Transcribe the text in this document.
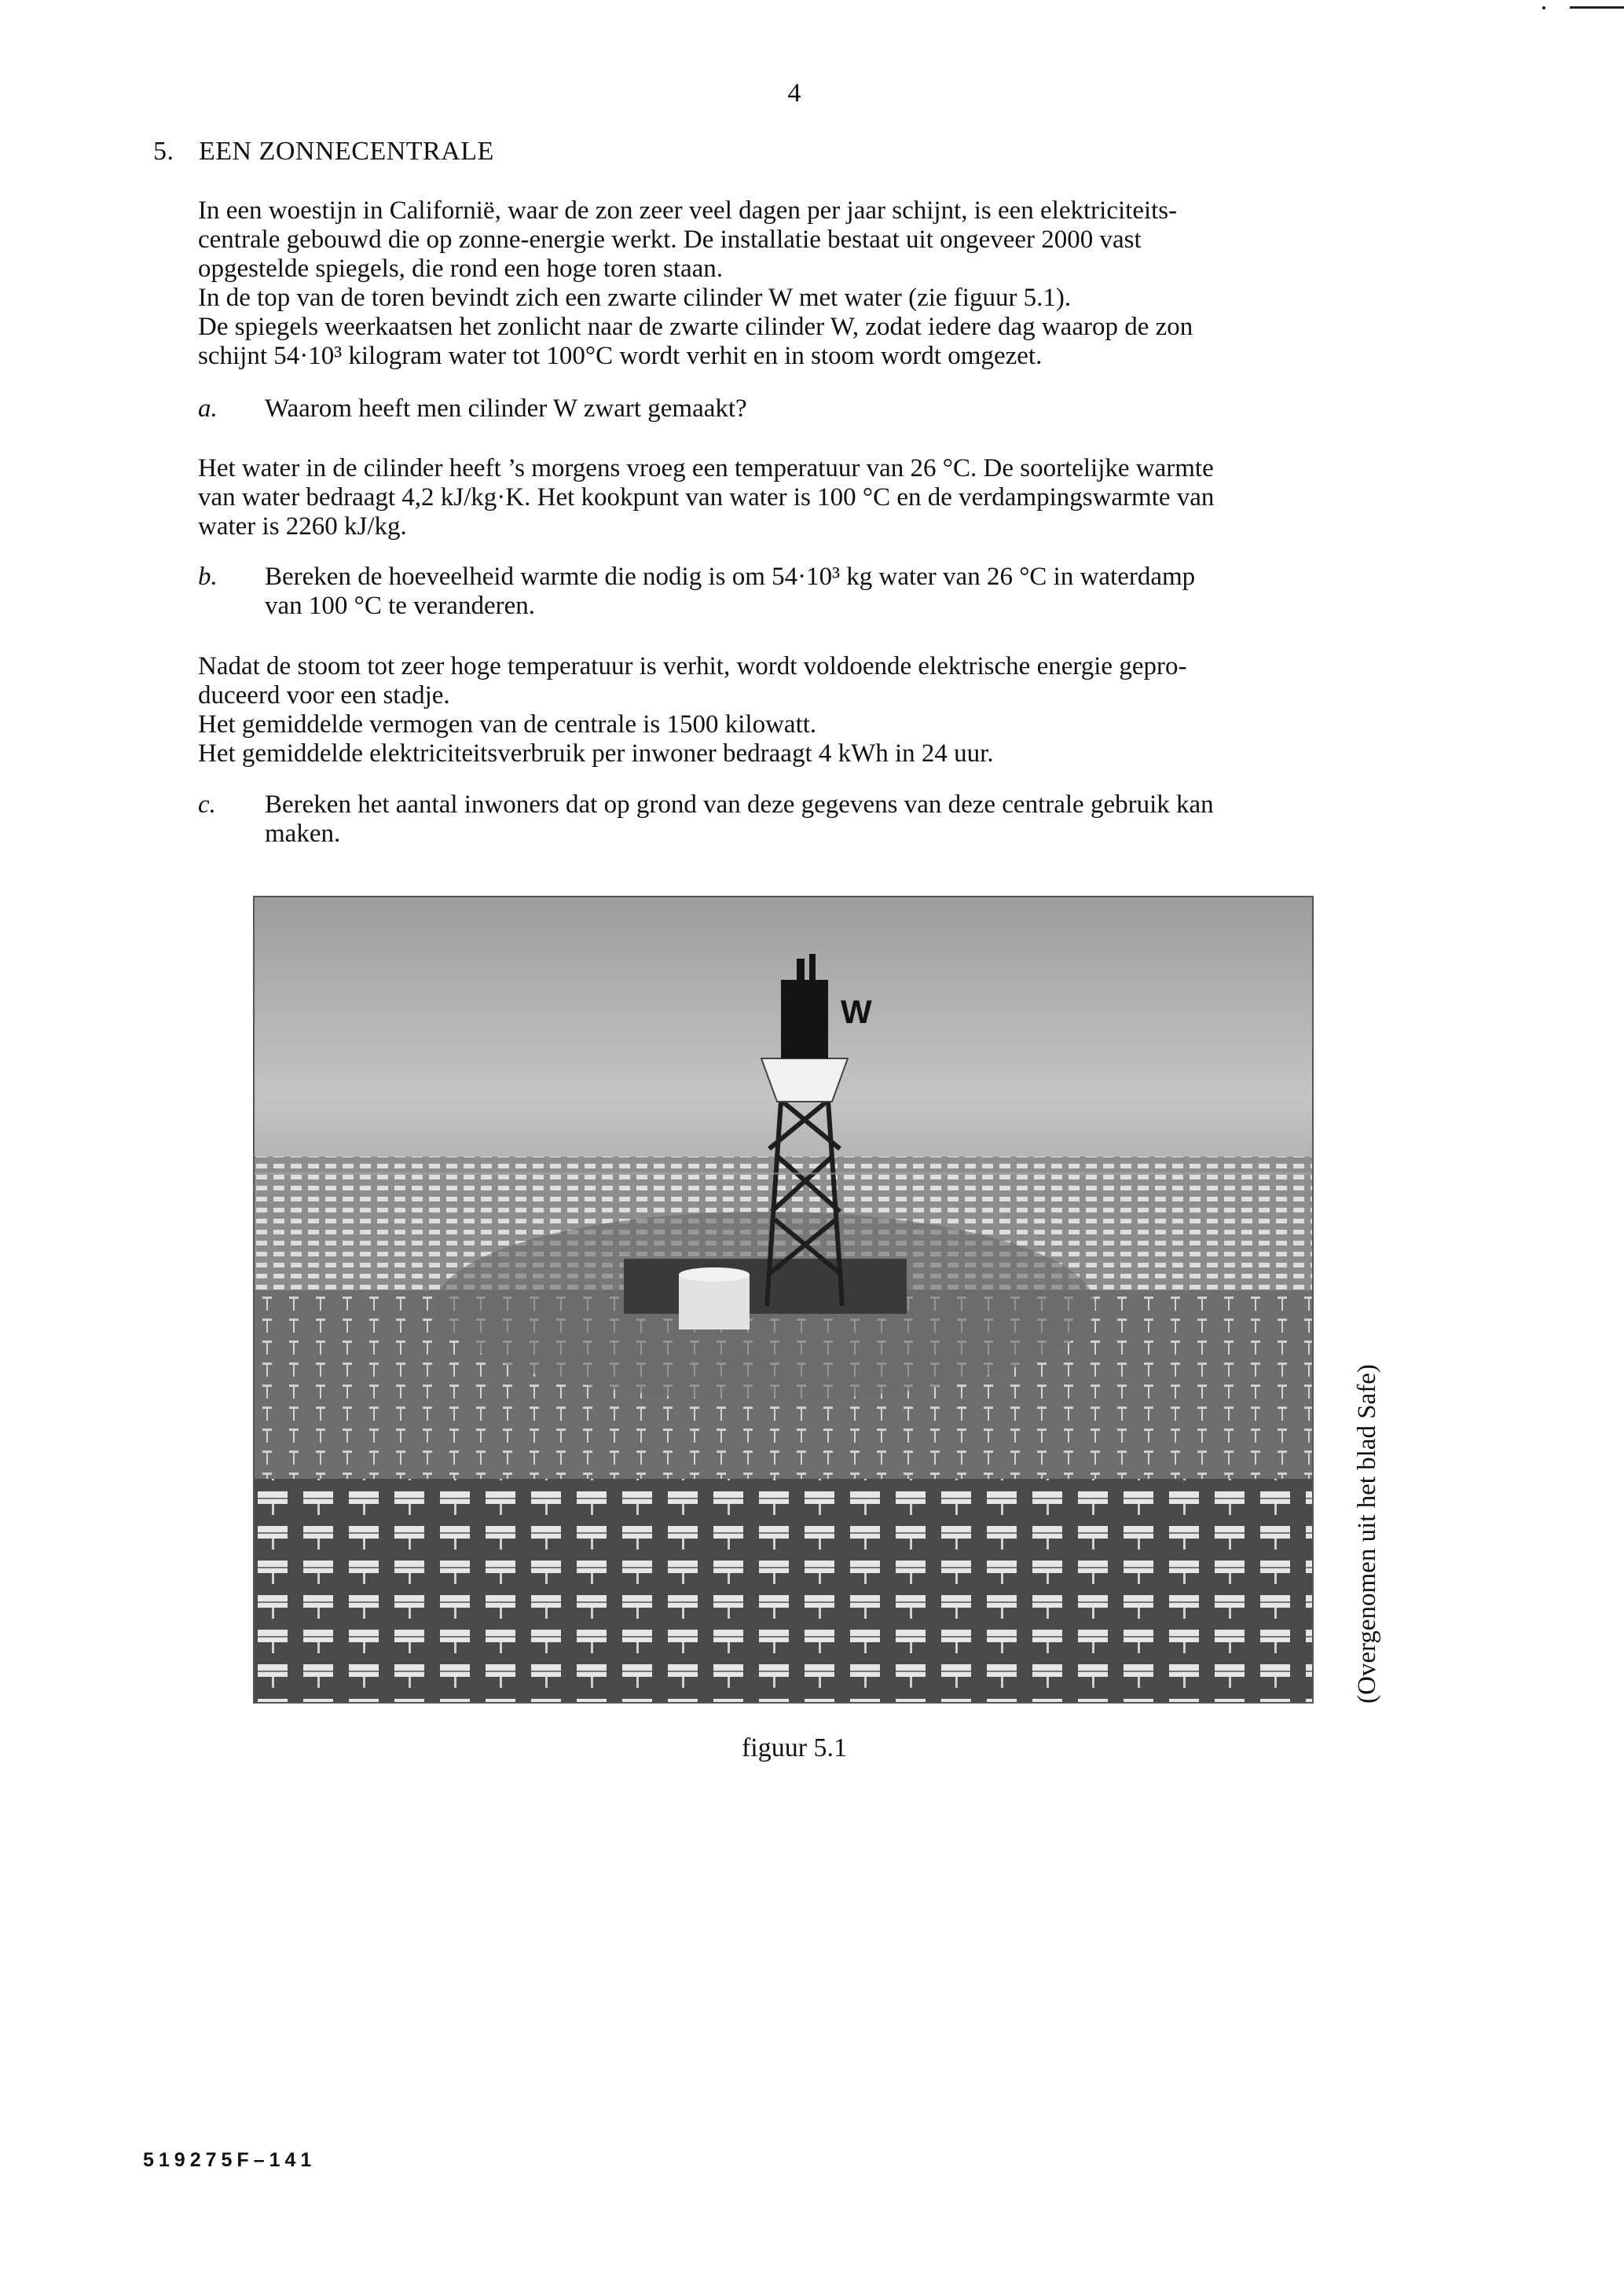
4
5. EEN ZONNECENTRALE
In een woestijn in Californië, waar de zon zeer veel dagen per jaar schijnt, is een elektriciteits-
centrale gebouwd die op zonne-energie werkt. De installatie bestaat uit ongeveer 2000 vast
opgestelde spiegels, die rond een hoge toren staan.
In de top van de toren bevindt zich een zwarte cilinder W met water (zie figuur 5.1).
De spiegels weerkaatsen het zonlicht naar de zwarte cilinder W, zodat iedere dag waarop de zon
schijnt 54·10³ kilogram water tot 100°C wordt verhit en in stoom wordt omgezet.
a. Waarom heeft men cilinder W zwart gemaakt?
Het water in de cilinder heeft ’s morgens vroeg een temperatuur van 26 °C. De soortelijke warmte
van water bedraagt 4,2 kJ/kg·K. Het kookpunt van water is 100 °C en de verdampingswarmte van
water is 2260 kJ/kg.
b. Bereken de hoeveelheid warmte die nodig is om 54·10³ kg water van 26 °C in waterdamp
van 100 °C te veranderen.
Nadat de stoom tot zeer hoge temperatuur is verhit, wordt voldoende elektrische energie gepro-
duceerd voor een stadje.
Het gemiddelde vermogen van de centrale is 1500 kilowatt.
Het gemiddelde elektriciteitsverbruik per inwoner bedraagt 4 kWh in 24 uur.
c. Bereken het aantal inwoners dat op grond van deze gegevens van deze centrale gebruik kan
maken.
W
(Overgenomen uit het blad Safe)
figuur 5.1
519275F–141
